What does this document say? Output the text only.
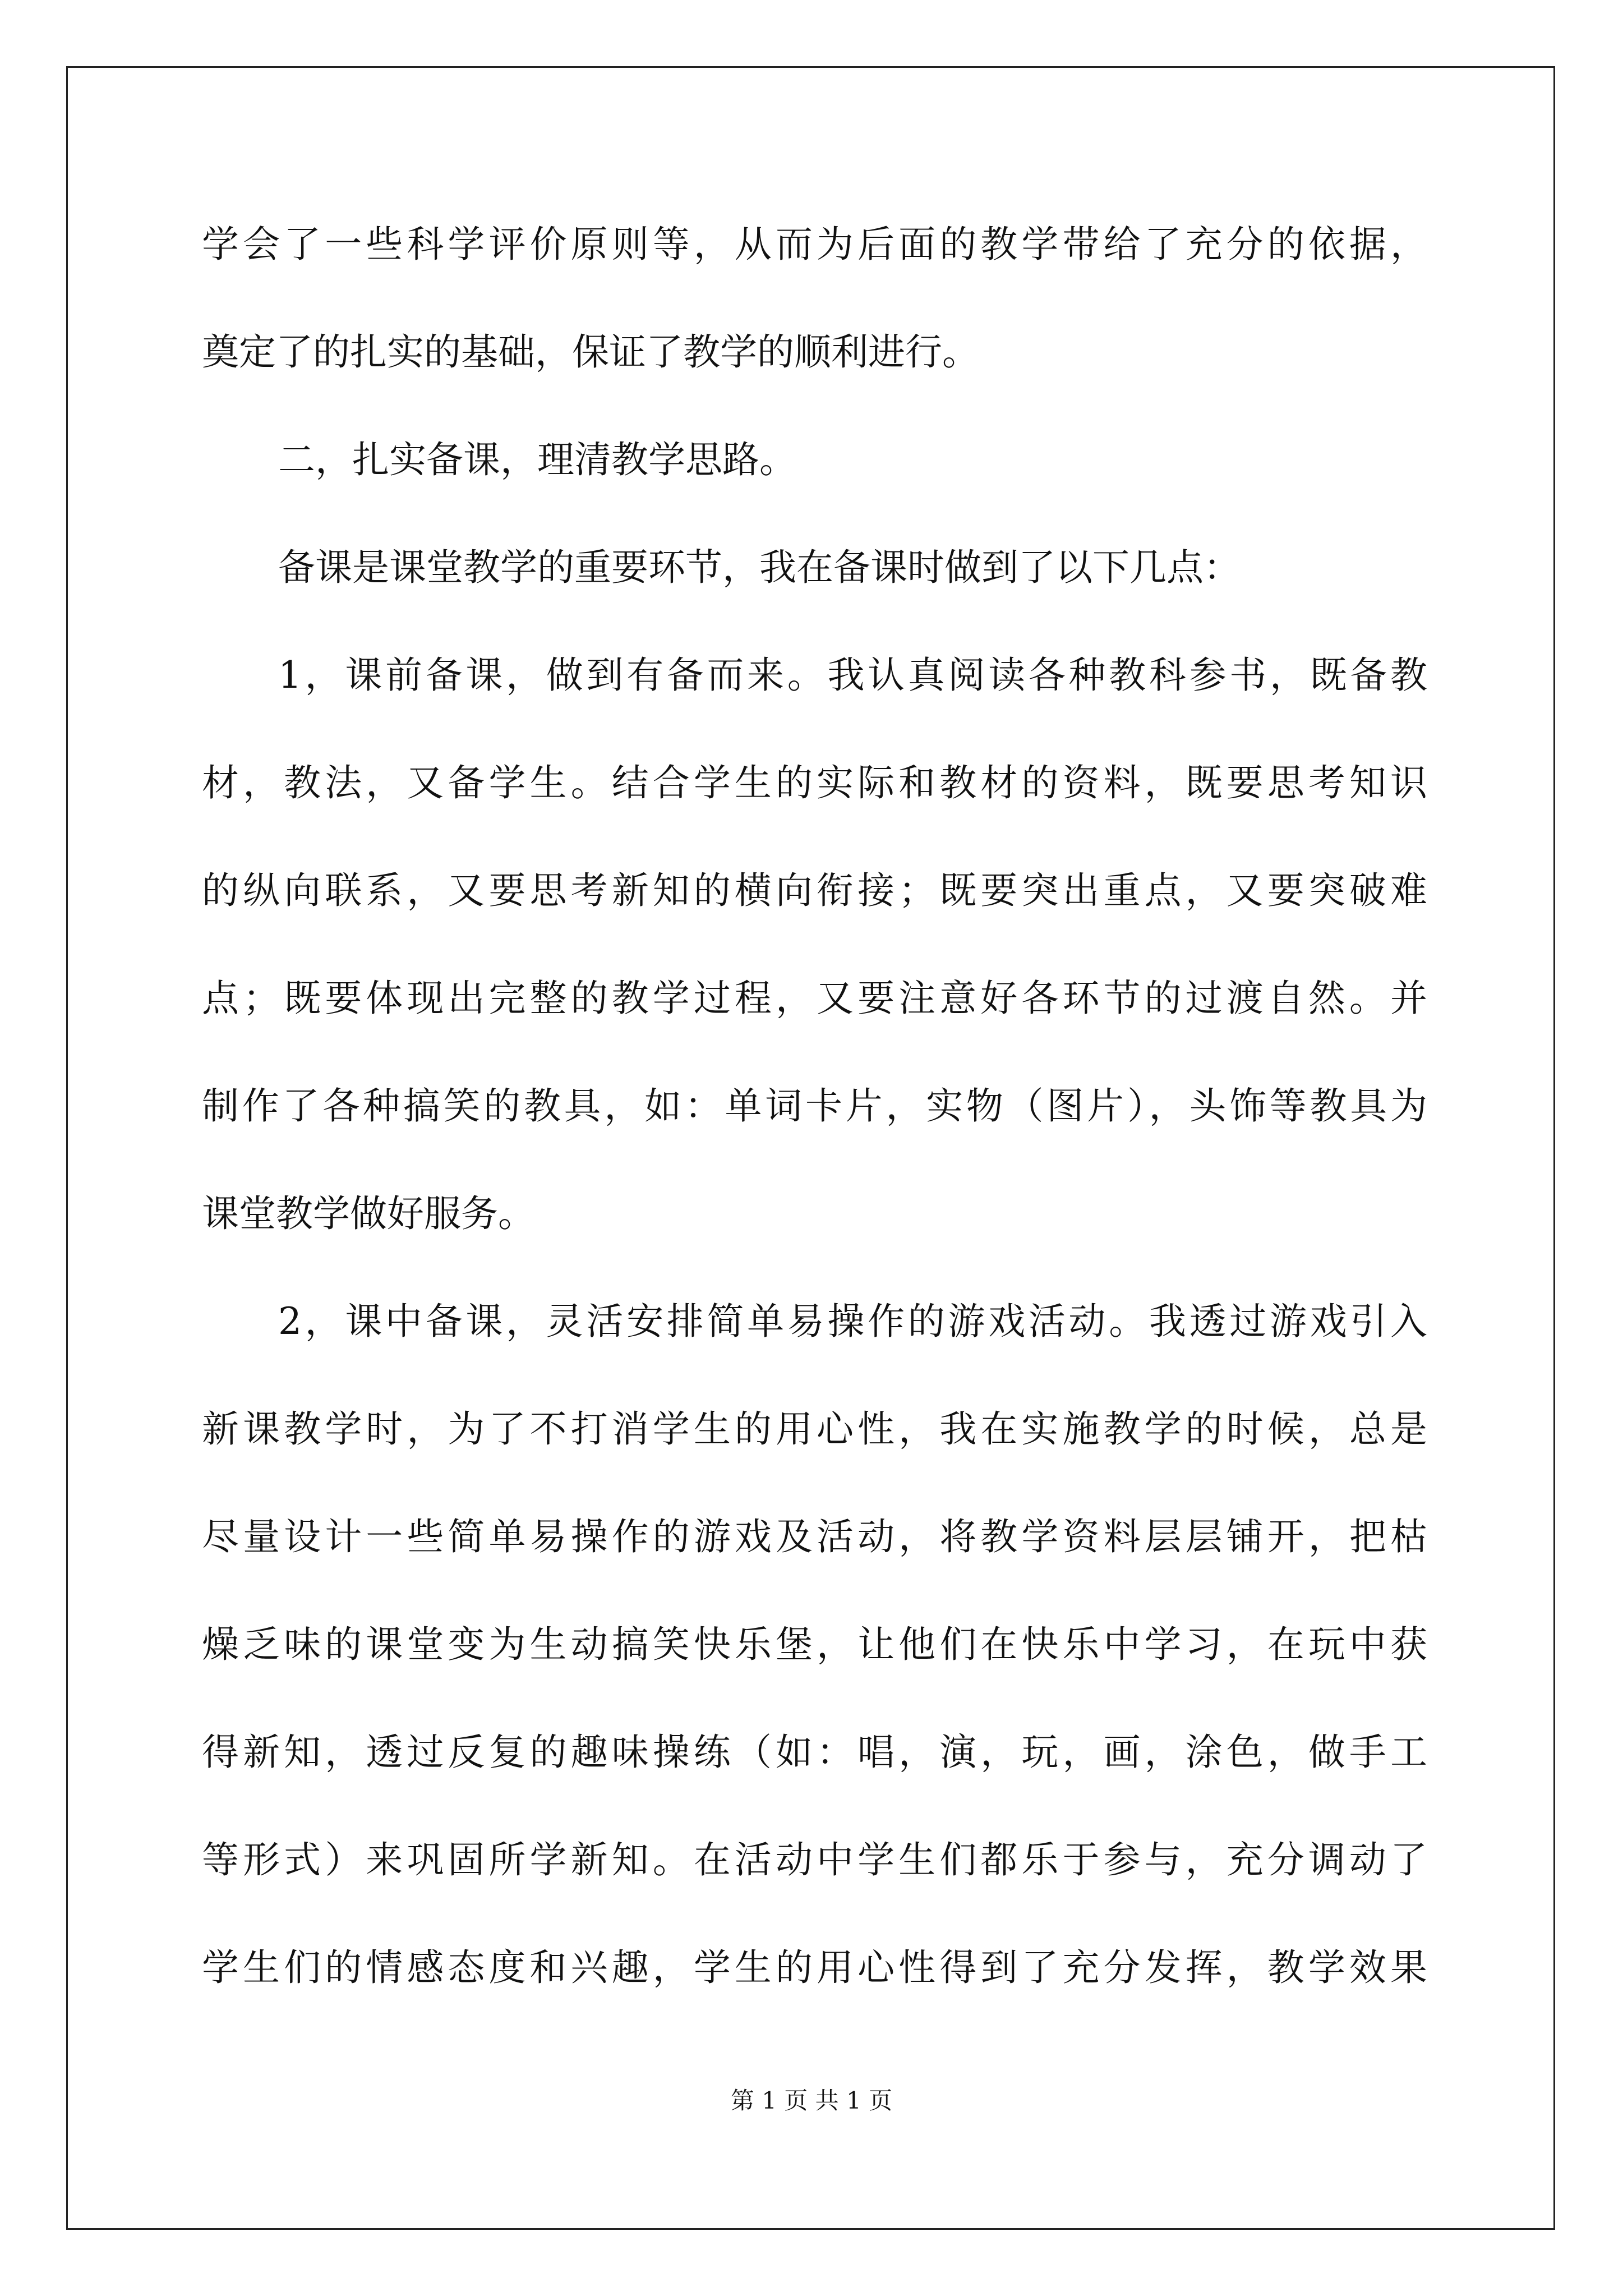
学会了一些科学评价原则等，从而为后面的教学带给了充分的依据，
奠定了的扎实的基础，保证了教学的顺利进行。
二，扎实备课，理清教学思路。
备课是课堂教学的重要环节，我在备课时做到了以下几点：
1，课前备课，做到有备而来。我认真阅读各种教科参书，既备教
材，教法，又备学生。结合学生的实际和教材的资料，既要思考知识
的纵向联系，又要思考新知的横向衔接；既要突出重点，又要突破难
点；既要体现出完整的教学过程，又要注意好各环节的过渡自然。并
制作了各种搞笑的教具，如：单词卡片，实物（图片），头饰等教具为
课堂教学做好服务。
2，课中备课，灵活安排简单易操作的游戏活动。我透过游戏引入
新课教学时，为了不打消学生的用心性，我在实施教学的时候，总是
尽量设计一些简单易操作的游戏及活动，将教学资料层层铺开，把枯
燥乏味的课堂变为生动搞笑快乐堡，让他们在快乐中学习，在玩中获
得新知，透过反复的趣味操练（如：唱，演，玩，画，涂色，做手工
等形式）来巩固所学新知。在活动中学生们都乐于参与，充分调动了
学生们的情感态度和兴趣，学生的用心性得到了充分发挥，教学效果
第 1 页 共 1 页
